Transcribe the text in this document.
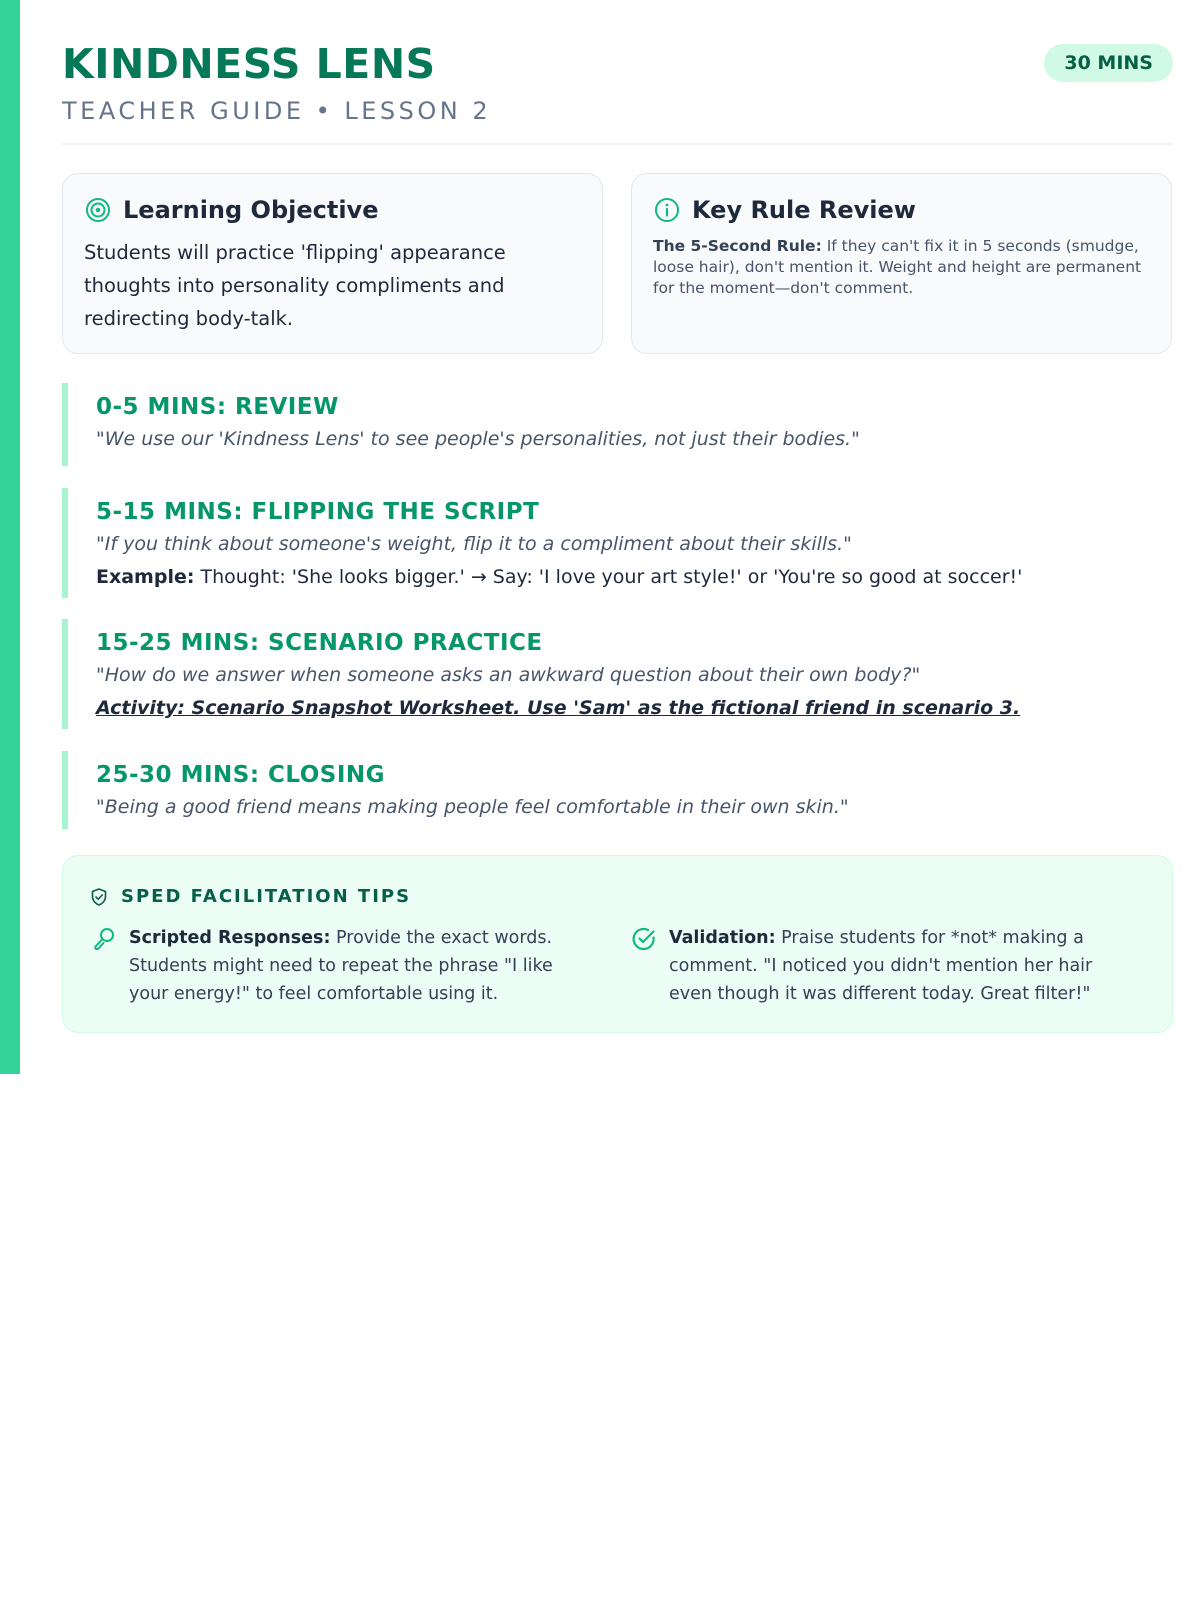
KINDNESS LENS
TEACHER GUIDE • LESSON 2
30 MINS
Learning Objective
Students will practice 'flipping' appearance thoughts into personality compliments and redirecting body-talk.
Key Rule Review
The 5-Second Rule: If they can't fix it in 5 seconds (smudge, loose hair), don't mention it. Weight and height are permanent for the moment—don't comment.
0-5 MINS: REVIEW
"We use our 'Kindness Lens' to see people's personalities, not just their bodies."
5-15 MINS: FLIPPING THE SCRIPT
"If you think about someone's weight, flip it to a compliment about their skills."
Example: Thought: 'She looks bigger.' → Say: 'I love your art style!' or 'You're so good at soccer!'
15-25 MINS: SCENARIO PRACTICE
"How do we answer when someone asks an awkward question about their own body?"
Activity: Scenario Snapshot Worksheet. Use 'Sam' as the fictional friend in scenario 3.
25-30 MINS: CLOSING
"Being a good friend means making people feel comfortable in their own skin."
SPED FACILITATION TIPS
Scripted Responses: Provide the exact words. Students might need to repeat the phrase "I like your energy!" to feel comfortable using it.
Validation: Praise students for *not* making a comment. "I noticed you didn't mention her hair even though it was different today. Great filter!"
